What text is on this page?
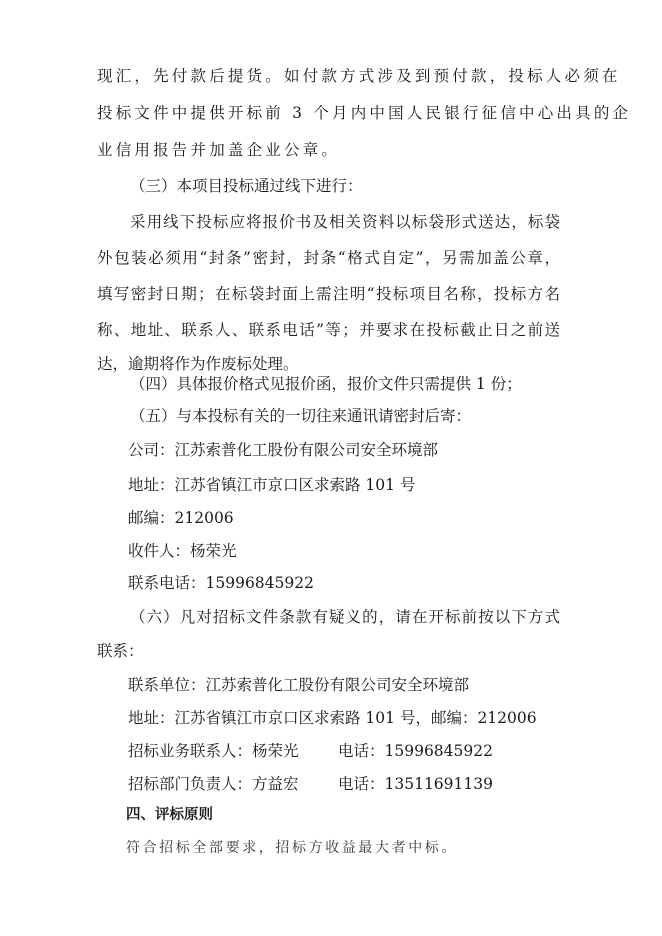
现汇，先付款后提货。如付款方式涉及到预付款，投标人必须在
投标文件中提供开标前 3 个月内中国人民银行征信中心出具的企
业信用报告并加盖企业公章。
（三）本项目投标通过线下进行：
采用线下投标应将报价书及相关资料以标袋形式送达，标袋
外包装必须用“封条”密封，封条“格式自定”，另需加盖公章，
填写密封日期；在标袋封面上需注明“投标项目名称，投标方名
称、地址、联系人、联系电话”等；并要求在投标截止日之前送
达，逾期将作为作废标处理。
（四）具体报价格式见报价函，报价文件只需提供 1 份；
（五）与本投标有关的一切往来通讯请密封后寄：
公司：江苏索普化工股份有限公司安全环境部
地址：江苏省镇江市京口区求索路 101 号
邮编：212006
收件人：杨荣光
联系电话：15996845922
（六）凡对招标文件条款有疑义的，请在开标前按以下方式
联系：
联系单位：江苏索普化工股份有限公司安全环境部
地址：江苏省镇江市京口区求索路 101 号，邮编：212006
招标业务联系人：杨荣光	电话：15996845922
招标部门负责人：方益宏	电话：13511691139
四、评标原则
符合招标全部要求，招标方收益最大者中标。
